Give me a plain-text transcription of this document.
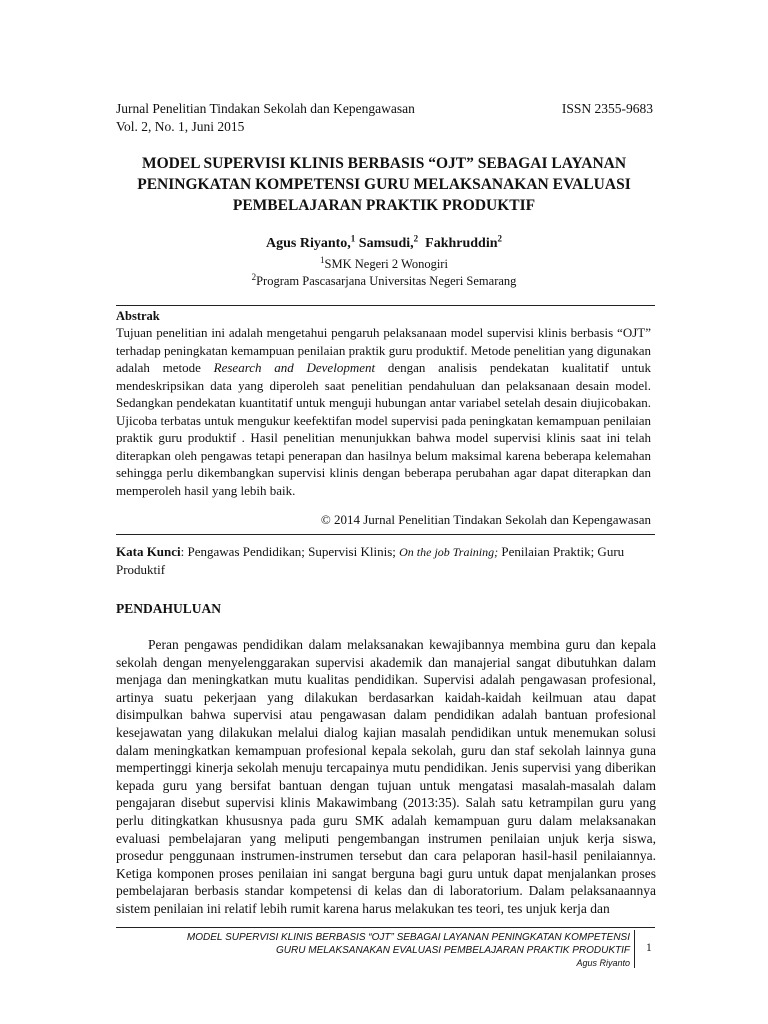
Jurnal Penelitian Tindakan Sekolah dan Kepengawasan	ISSN 2355-9683
Vol. 2, No. 1, Juni 2015
MODEL SUPERVISI KLINIS BERBASIS “OJT” SEBAGAI LAYANAN
PENINGKATAN KOMPETENSI GURU MELAKSANAKAN EVALUASI
PEMBELAJARAN PRAKTIK PRODUKTIF
Agus Riyanto,$^1$ Samsudi,$^2$ Fakhruddin$^2$
$^1$SMK Negeri 2 Wonogiri
$^2$Program Pascasarjana Universitas Negeri Semarang
Abstrak
Tujuan penelitian ini adalah mengetahui pengaruh pelaksanaan model supervisi klinis berbasis “OJT” terhadap peningkatan kemampuan penilaian praktik guru produktif. Metode penelitian yang digunakan adalah metode Research and Development dengan analisis pendekatan kualitatif untuk mendeskripsikan data yang diperoleh saat penelitian pendahuluan dan pelaksanaan desain model. Sedangkan pendekatan kuantitatif untuk menguji hubungan antar variabel setelah desain diujicobakan. Ujicoba terbatas untuk mengukur keefektifan model supervisi pada peningkatan kemampuan penilaian praktik guru produktif . Hasil penelitian menunjukkan bahwa model supervisi klinis saat ini telah diterapkan oleh pengawas tetapi penerapan dan hasilnya belum maksimal karena beberapa kelemahan sehingga perlu dikembangkan supervisi klinis dengan beberapa perubahan agar dapat diterapkan dan memperoleh hasil yang lebih baik.
© 2014 Jurnal Penelitian Tindakan Sekolah dan Kepengawasan
Kata Kunci: Pengawas Pendidikan; Supervisi Klinis; On the job Training; Penilaian Praktik; Guru Produktif
PENDAHULUAN
Peran pengawas pendidikan dalam melaksanakan kewajibannya membina guru dan kepala sekolah dengan menyelenggarakan supervisi akademik dan manajerial sangat dibutuhkan dalam menjaga dan meningkatkan mutu kualitas pendidikan. Supervisi adalah pengawasan profesional, artinya suatu pekerjaan yang dilakukan berdasarkan kaidah-kaidah keilmuan atau dapat disimpulkan bahwa supervisi atau pengawasan dalam pendidikan adalah bantuan profesional kesejawatan yang dilakukan melalui dialog kajian masalah pendidikan untuk menemukan solusi dalam meningkatkan kemampuan profesional kepala sekolah, guru dan staf sekolah lainnya guna mempertinggi kinerja sekolah menuju tercapainya mutu pendidikan. Jenis supervisi yang diberikan kepada guru yang bersifat bantuan dengan tujuan untuk mengatasi masalah-masalah dalam pengajaran disebut supervisi klinis Makawimbang (2013:35). Salah satu ketrampilan guru yang perlu ditingkatkan khususnya pada guru SMK adalah kemampuan guru dalam melaksanakan evaluasi pembelajaran yang meliputi pengembangan instrumen penilaian unjuk kerja siswa, prosedur penggunaan instrumen-instrumen tersebut dan cara pelaporan hasil-hasil penilaiannya. Ketiga komponen proses penilaian ini sangat berguna bagi guru untuk dapat menjalankan proses pembelajaran berbasis standar kompetensi di kelas dan di laboratorium. Dalam pelaksanaannya sistem penilaian ini relatif lebih rumit karena harus melakukan tes teori, tes unjuk kerja dan
MODEL SUPERVISI KLINIS BERBASIS “OJT” SEBAGAI LAYANAN PENINGKATAN KOMPETENSI
GURU MELAKSANAKAN EVALUASI PEMBELAJARAN PRAKTIK PRODUKTIF
Agus Riyanto
1
